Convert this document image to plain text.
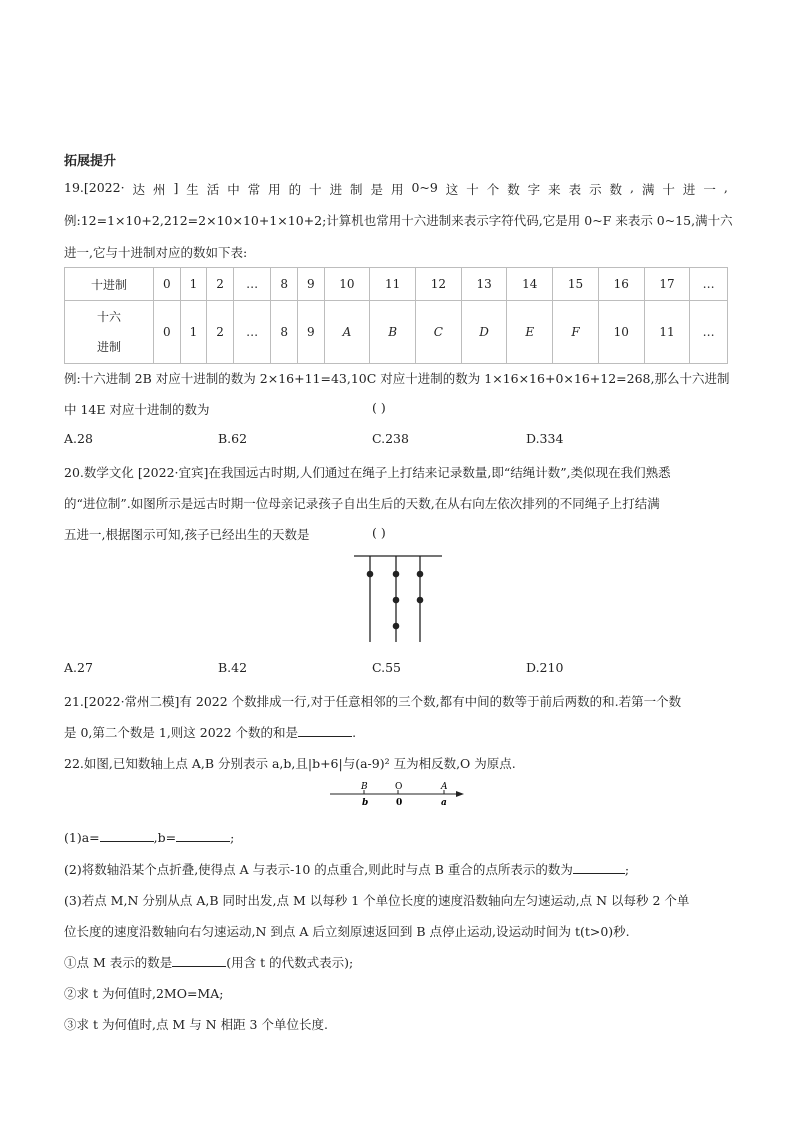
拓展提升
19.[2022· 达 州 ] 生 活 中 常 用 的 十 进 制 是 用 0~9 这 十 个 数 字 来 表 示 数 , 满 十 进 一 ,
例:12=1×10+2,212=2×10×10+1×10+2;计算机也常用十六进制来表示字符代码,它是用 0~F 来表示 0~15,满十六
进一,它与十进制对应的数如下表:
十进制	0	1	2	…	8	9	10	11	12	13	14	15	16	17	…

十六
进制	0	1	2	…	8	9	A	B	C	D	E	F	10	11	…
例:十六进制 2B 对应十进制的数为 2×16+11=43,10C 对应十进制的数为 1×16×16+0×16+12=268,那么十六进制
中 14E 对应十进制的数为	( )
A.28	B.62	C.238	D.334
20.数学文化 [2022·宜宾]在我国远古时期,人们通过在绳子上打结来记录数量,即“结绳计数”,类似现在我们熟悉
的“进位制”.如图所示是远古时期一位母亲记录孩子自出生后的天数,在从右向左依次排列的不同绳子上打结满
五进一,根据图示可知,孩子已经出生的天数是	( )
A.27	B.42	C.55	D.210
21.[2022·常州二模]有 2022 个数排成一行,对于任意相邻的三个数,都有中间的数等于前后两数的和.若第一个数
是 0,第二个数是 1,则这 2022 个数的和是	.
22.如图,已知数轴上点 A,B 分别表示 a,b,且|b+6|与(a-9)² 互为相反数,O 为原点.
B	O	A
b	0	a
(1)a=	,b=	;
(2)将数轴沿某个点折叠,使得点 A 与表示-10 的点重合,则此时与点 B 重合的点所表示的数为	;
(3)若点 M,N 分别从点 A,B 同时出发,点 M 以每秒 1 个单位长度的速度沿数轴向左匀速运动,点 N 以每秒 2 个单
位长度的速度沿数轴向右匀速运动,N 到点 A 后立刻原速返回到 B 点停止运动,设运动时间为 t(t>0)秒.
①点 M 表示的数是	(用含 t 的代数式表示);
②求 t 为何值时,2MO=MA;
③求 t 为何值时,点 M 与 N 相距 3 个单位长度.
